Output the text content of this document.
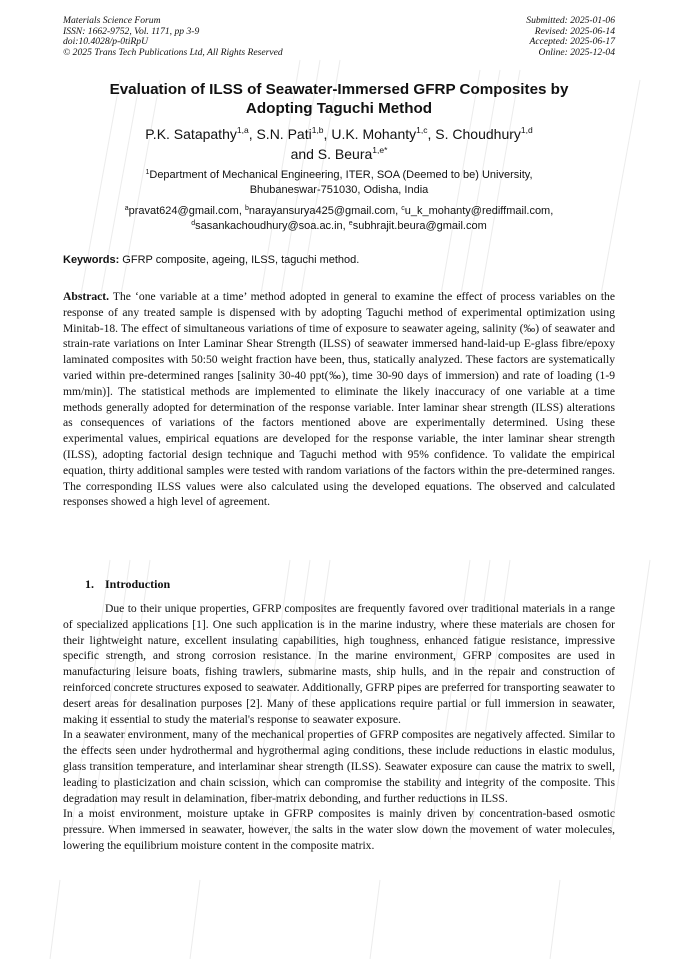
Materials Science Forum
ISSN: 1662-9752, Vol. 1171, pp 3-9
doi:10.4028/p-0tiRpU
© 2025 Trans Tech Publications Ltd, All Rights Reserved
Submitted: 2025-01-06
Revised: 2025-06-14
Accepted: 2025-06-17
Online: 2025-12-04
Evaluation of ILSS of Seawater-Immersed GFRP Composites by
Adopting Taguchi Method
P.K. Satapathy$^{1,a}$, S.N. Pati$^{1,b}$, U.K. Mohanty$^{1,c}$, S. Choudhury$^{1,d}$
and S. Beura$^{1,e*}$
$^1$Department of Mechanical Engineering, ITER, SOA (Deemed to be) University,
Bhubaneswar-751030, Odisha, India
$^a$pravat624@gmail.com, $^b$narayansurya425@gmail.com, $^c$u_k_mohanty@rediffmail.com,
$^d$sasankachoudhury@soa.ac.in, $^e$subhrajit.beura@gmail.com
Keywords: GFRP composite, ageing, ILSS, taguchi method.
Abstract. The ‘one variable at a time’ method adopted in general to examine the effect of process variables on the response of any treated sample is dispensed with by adopting Taguchi method of experimental optimization using Minitab-18. The effect of simultaneous variations of time of exposure to seawater ageing, salinity (‰) of seawater and strain-rate variations on Inter Laminar Shear Strength (ILSS) of seawater immersed hand-laid-up E-glass fibre/epoxy laminated composites with 50:50 weight fraction have been, thus, statically analyzed. These factors are systematically varied within pre-determined ranges [salinity 30-40 ppt(‰), time 30-90 days of immersion) and rate of loading (1-9 mm/min)]. The statistical methods are implemented to eliminate the likely inaccuracy of one variable at a time methods generally adopted for determination of the response variable. Inter laminar shear strength (ILSS) alterations as consequences of variations of the factors mentioned above are experimentally determined. Using these experimental values, empirical equations are developed for the response variable, the inter laminar shear strength (ILSS), adopting factorial design technique and Taguchi method with 95% confidence. To validate the empirical equation, thirty additional samples were tested with random variations of the factors within the pre-determined ranges. The corresponding ILSS values were also calculated using the developed equations. The observed and calculated responses showed a high level of agreement.
1. Introduction

Due to their unique properties, GFRP composites are frequently favored over traditional materials in a range of specialized applications [1]. One such application is in the marine industry, where these materials are chosen for their lightweight nature, excellent insulating capabilities, high toughness, enhanced fatigue resistance, impressive specific strength, and strong corrosion resistance. In the marine environment, GFRP composites are used in manufacturing leisure boats, fishing trawlers, submarine masts, ship hulls, and in the repair and construction of reinforced concrete structures exposed to seawater. Additionally, GFRP pipes are preferred for transporting seawater to desert areas for desalination purposes [2]. Many of these applications require partial or full immersion in seawater, making it essential to study the material's response to seawater exposure.

In a seawater environment, many of the mechanical properties of GFRP composites are negatively affected. Similar to the effects seen under hydrothermal and hygrothermal aging conditions, these include reductions in elastic modulus, glass transition temperature, and interlaminar shear strength (ILSS). Seawater exposure can cause the matrix to swell, leading to plasticization and chain scission, which can compromise the stability and integrity of the composite. This degradation may result in delamination, fiber-matrix debonding, and further reductions in ILSS.

In a moist environment, moisture uptake in GFRP composites is mainly driven by concentration-based osmotic pressure. When immersed in seawater, however, the salts in the water slow down the movement of water molecules, lowering the equilibrium moisture content in the composite matrix.
